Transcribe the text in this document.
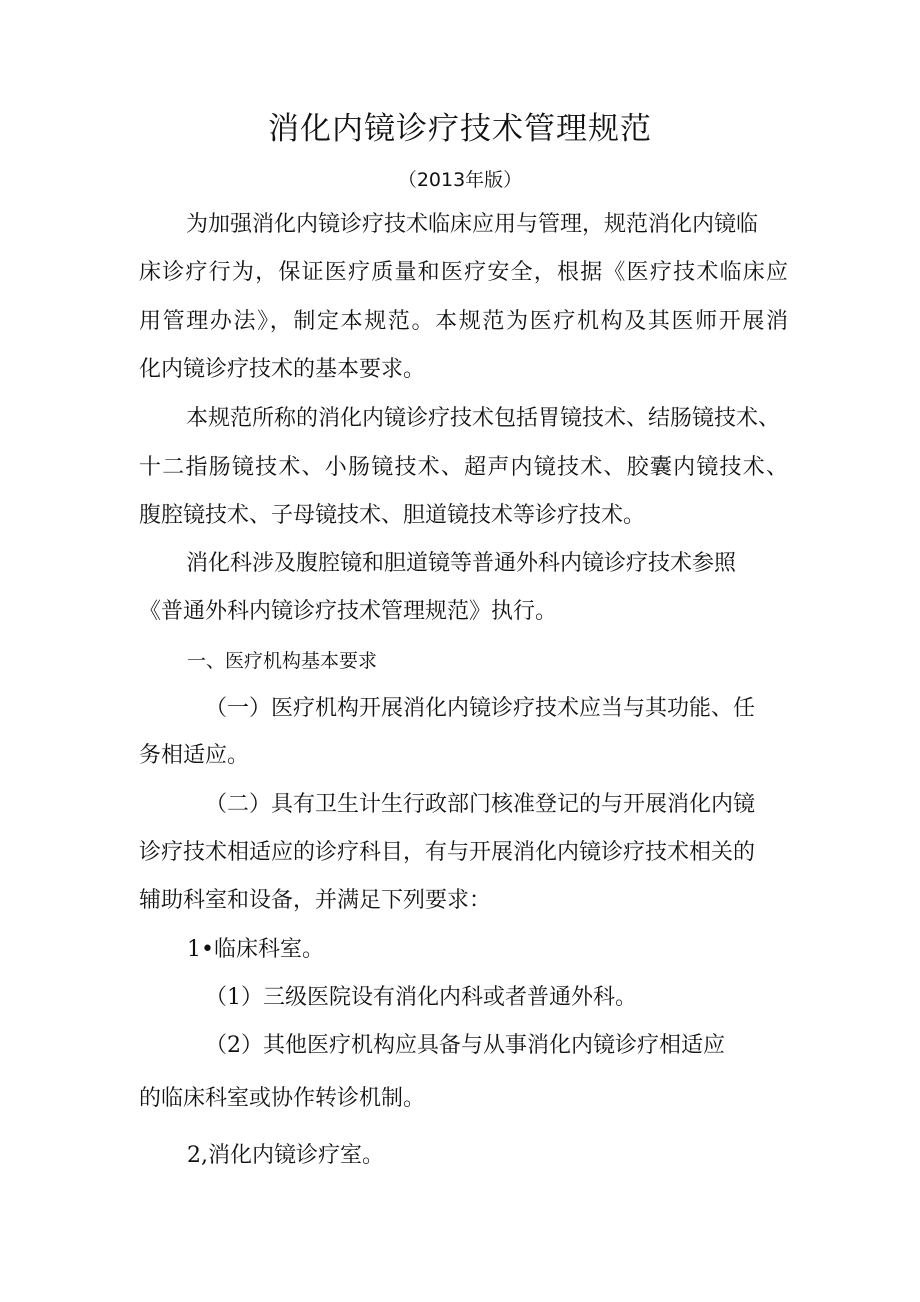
消化内镜诊疗技术管理规范
（2013年版）
为加强消化内镜诊疗技术临床应用与管理，规范消化内镜临
床诊疗行为，保证医疗质量和医疗安全，根据《医疗技术临床应
用管理办法》，制定本规范。本规范为医疗机构及其医师开展消
化内镜诊疗技术的基本要求。
本规范所称的消化内镜诊疗技术包括胃镜技术、结肠镜技术、
十二指肠镜技术、小肠镜技术、超声内镜技术、胶囊内镜技术、
腹腔镜技术、子母镜技术、胆道镜技术等诊疗技术。
消化科涉及腹腔镜和胆道镜等普通外科内镜诊疗技术参照
《普通外科内镜诊疗技术管理规范》执行。
一、医疗机构基本要求
（一）医疗机构开展消化内镜诊疗技术应当与其功能、任
务相适应。
（二）具有卫生计生行政部门核准登记的与开展消化内镜
诊疗技术相适应的诊疗科目，有与开展消化内镜诊疗技术相关的
辅助科室和设备，并满足下列要求：
1•临床科室。
（1）三级医院设有消化内科或者普通外科。
（2）其他医疗机构应具备与从事消化内镜诊疗相适应
的临床科室或协作转诊机制。
2,消化内镜诊疗室。
